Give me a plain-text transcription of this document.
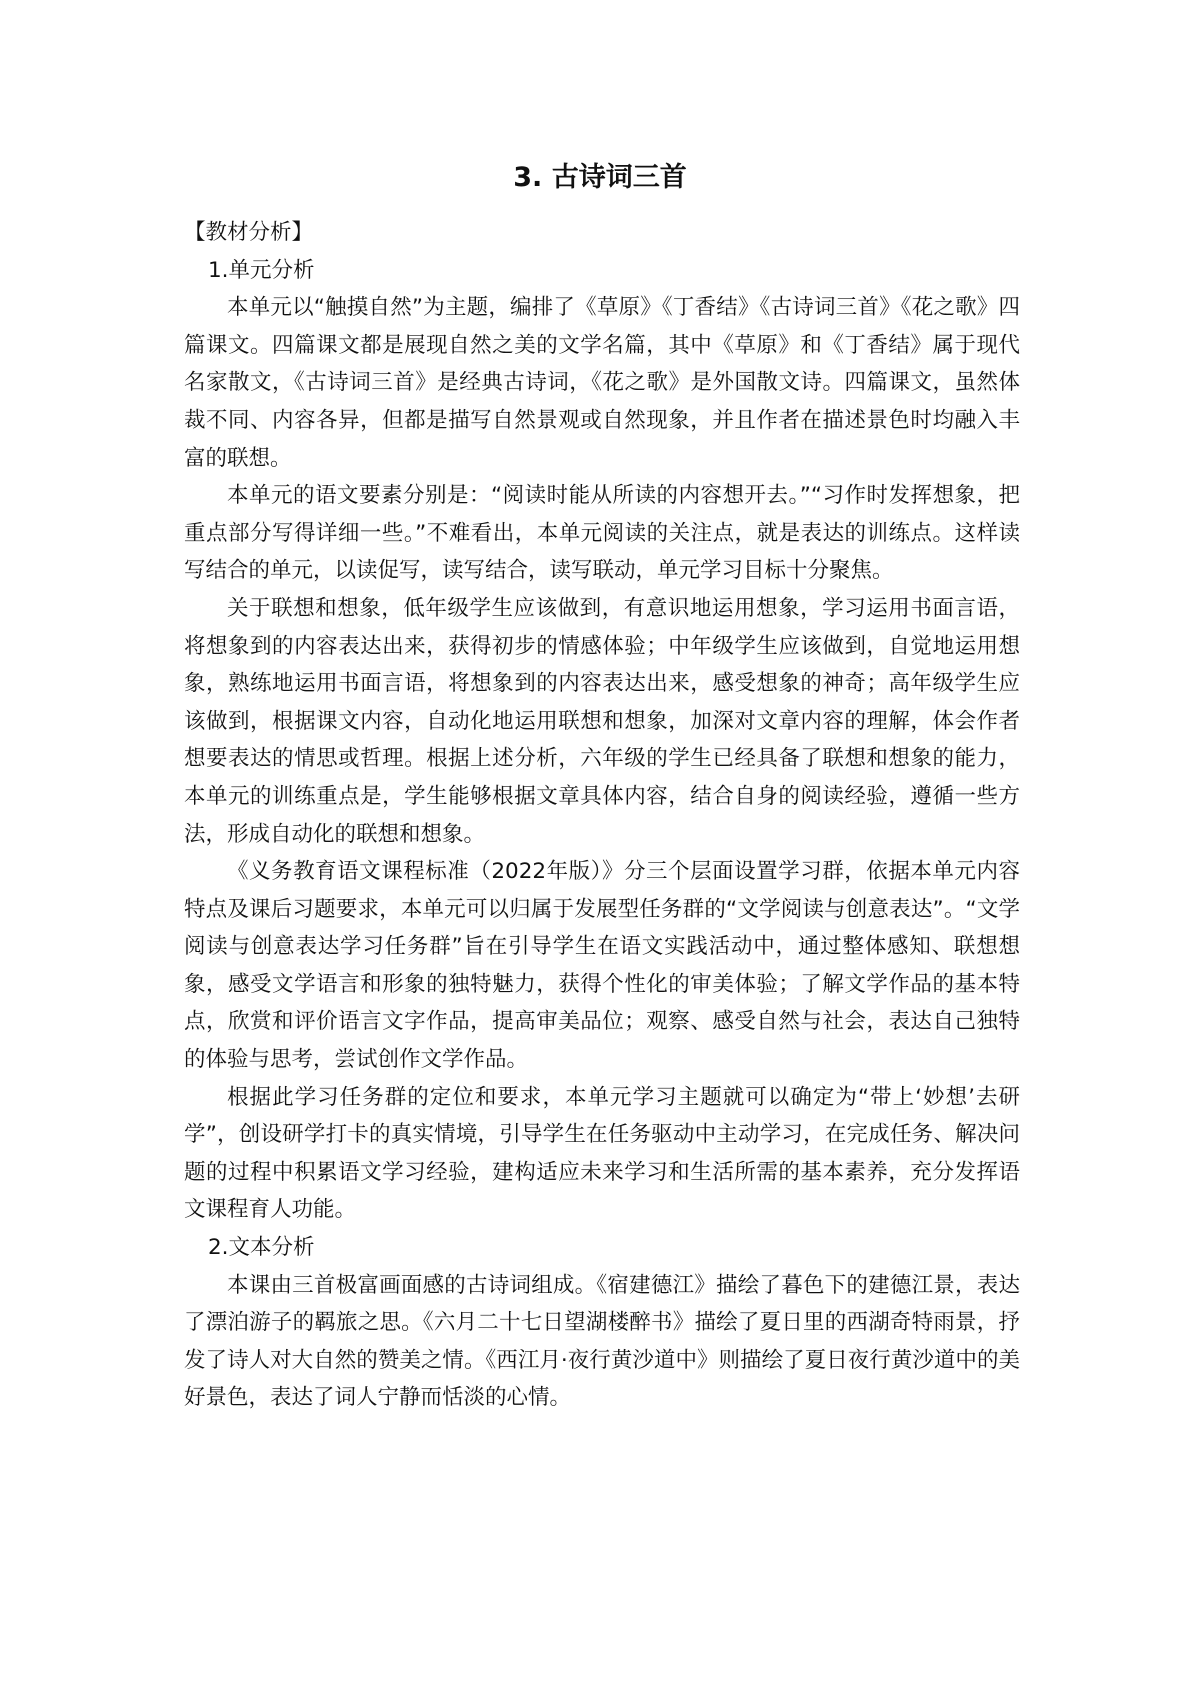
3. 古诗词三首

【教材分析】

1.单元分析

本单元以“触摸自然”为主题，编排了《草原》《丁香结》《古诗词三首》《花之歌》四篇课文。四篇课文都是展现自然之美的文学名篇，其中《草原》和《丁香结》属于现代名家散文，《古诗词三首》是经典古诗词，《花之歌》是外国散文诗。四篇课文，虽然体裁不同、内容各异，但都是描写自然景观或自然现象，并且作者在描述景色时均融入丰富的联想。

本单元的语文要素分别是：“阅读时能从所读的内容想开去。”“习作时发挥想象，把重点部分写得详细一些。”不难看出，本单元阅读的关注点，就是表达的训练点。这样读写结合的单元，以读促写，读写结合，读写联动，单元学习目标十分聚焦。

关于联想和想象，低年级学生应该做到，有意识地运用想象，学习运用书面言语，将想象到的内容表达出来，获得初步的情感体验；中年级学生应该做到，自觉地运用想象，熟练地运用书面言语，将想象到的内容表达出来，感受想象的神奇；高年级学生应该做到，根据课文内容，自动化地运用联想和想象，加深对文章内容的理解，体会作者想要表达的情思或哲理。根据上述分析，六年级的学生已经具备了联想和想象的能力，本单元的训练重点是，学生能够根据文章具体内容，结合自身的阅读经验，遵循一些方法，形成自动化的联想和想象。

《义务教育语文课程标准（2022年版）》分三个层面设置学习群，依据本单元内容特点及课后习题要求，本单元可以归属于发展型任务群的“文学阅读与创意表达”。“文学阅读与创意表达学习任务群”旨在引导学生在语文实践活动中，通过整体感知、联想想象，感受文学语言和形象的独特魅力，获得个性化的审美体验；了解文学作品的基本特点，欣赏和评价语言文字作品，提高审美品位；观察、感受自然与社会，表达自己独特的体验与思考，尝试创作文学作品。

根据此学习任务群的定位和要求，本单元学习主题就可以确定为“带上‘妙想’去研学”，创设研学打卡的真实情境，引导学生在任务驱动中主动学习，在完成任务、解决问题的过程中积累语文学习经验，建构适应未来学习和生活所需的基本素养，充分发挥语文课程育人功能。

2.文本分析

本课由三首极富画面感的古诗词组成。《宿建德江》描绘了暮色下的建德江景，表达了漂泊游子的羁旅之思。《六月二十七日望湖楼醉书》描绘了夏日里的西湖奇特雨景，抒发了诗人对大自然的赞美之情。《西江月·夜行黄沙道中》则描绘了夏日夜行黄沙道中的美好景色，表达了词人宁静而恬淡的心情。
